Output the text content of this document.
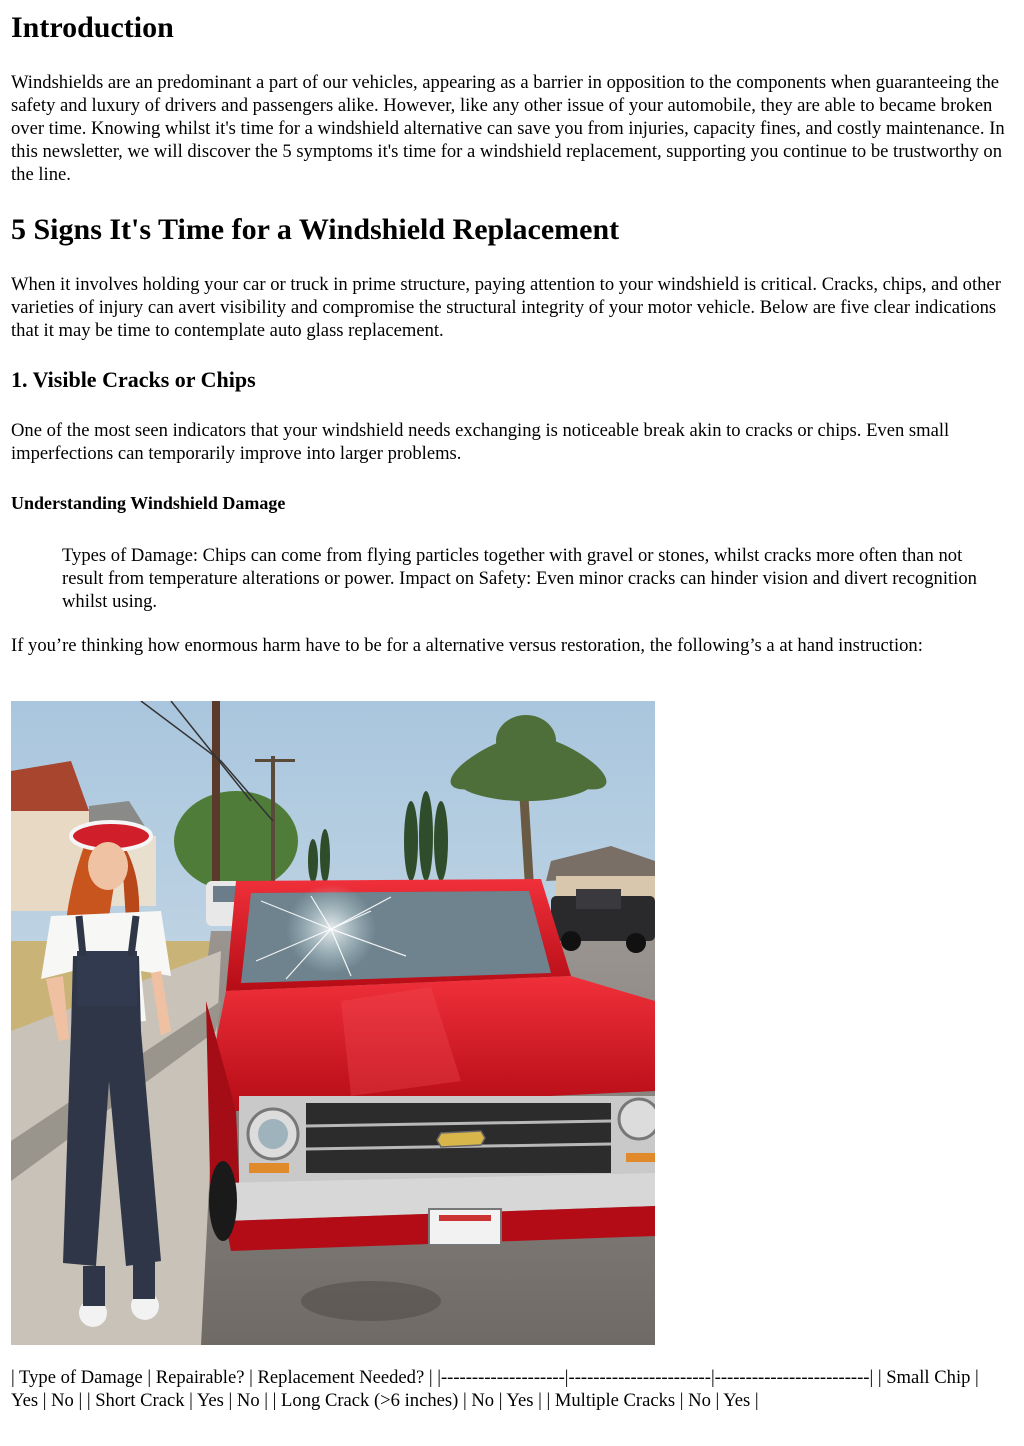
Introduction

Windshields are an predominant a part of our vehicles, appearing as a barrier in opposition to the components when guaranteeing the safety and luxury of drivers and passengers alike. However, like any other issue of your automobile, they are able to became broken over time. Knowing whilst it's time for a windshield alternative can save you from injuries, capacity fines, and costly maintenance. In this newsletter, we will discover the 5 symptoms it's time for a windshield replacement, supporting you continue to be trustworthy on the line.

5 Signs It's Time for a Windshield Replacement

When it involves holding your car or truck in prime structure, paying attention to your windshield is critical. Cracks, chips, and other varieties of injury can avert visibility and compromise the structural integrity of your motor vehicle. Below are five clear indications that it may be time to contemplate auto glass replacement.

1. Visible Cracks or Chips

One of the most seen indicators that your windshield needs exchanging is noticeable break akin to cracks or chips. Even small imperfections can temporarily improve into larger problems.

Understanding Windshield Damage

Types of Damage: Chips can come from flying particles together with gravel or stones, whilst cracks more often than not result from temperature alterations or power. Impact on Safety: Even minor cracks can hinder vision and divert recognition whilst using.

If you’re thinking how enormous harm have to be for a alternative versus restoration, the following’s a at hand instruction:

| Type of Damage | Repairable? | Replacement Needed? | |--------------------|-----------------------|-------------------------| | Small Chip | Yes | No | | Short Crack | Yes | No | | Long Crack (>6 inches) | No | Yes | | Multiple Cracks | No | Yes |
